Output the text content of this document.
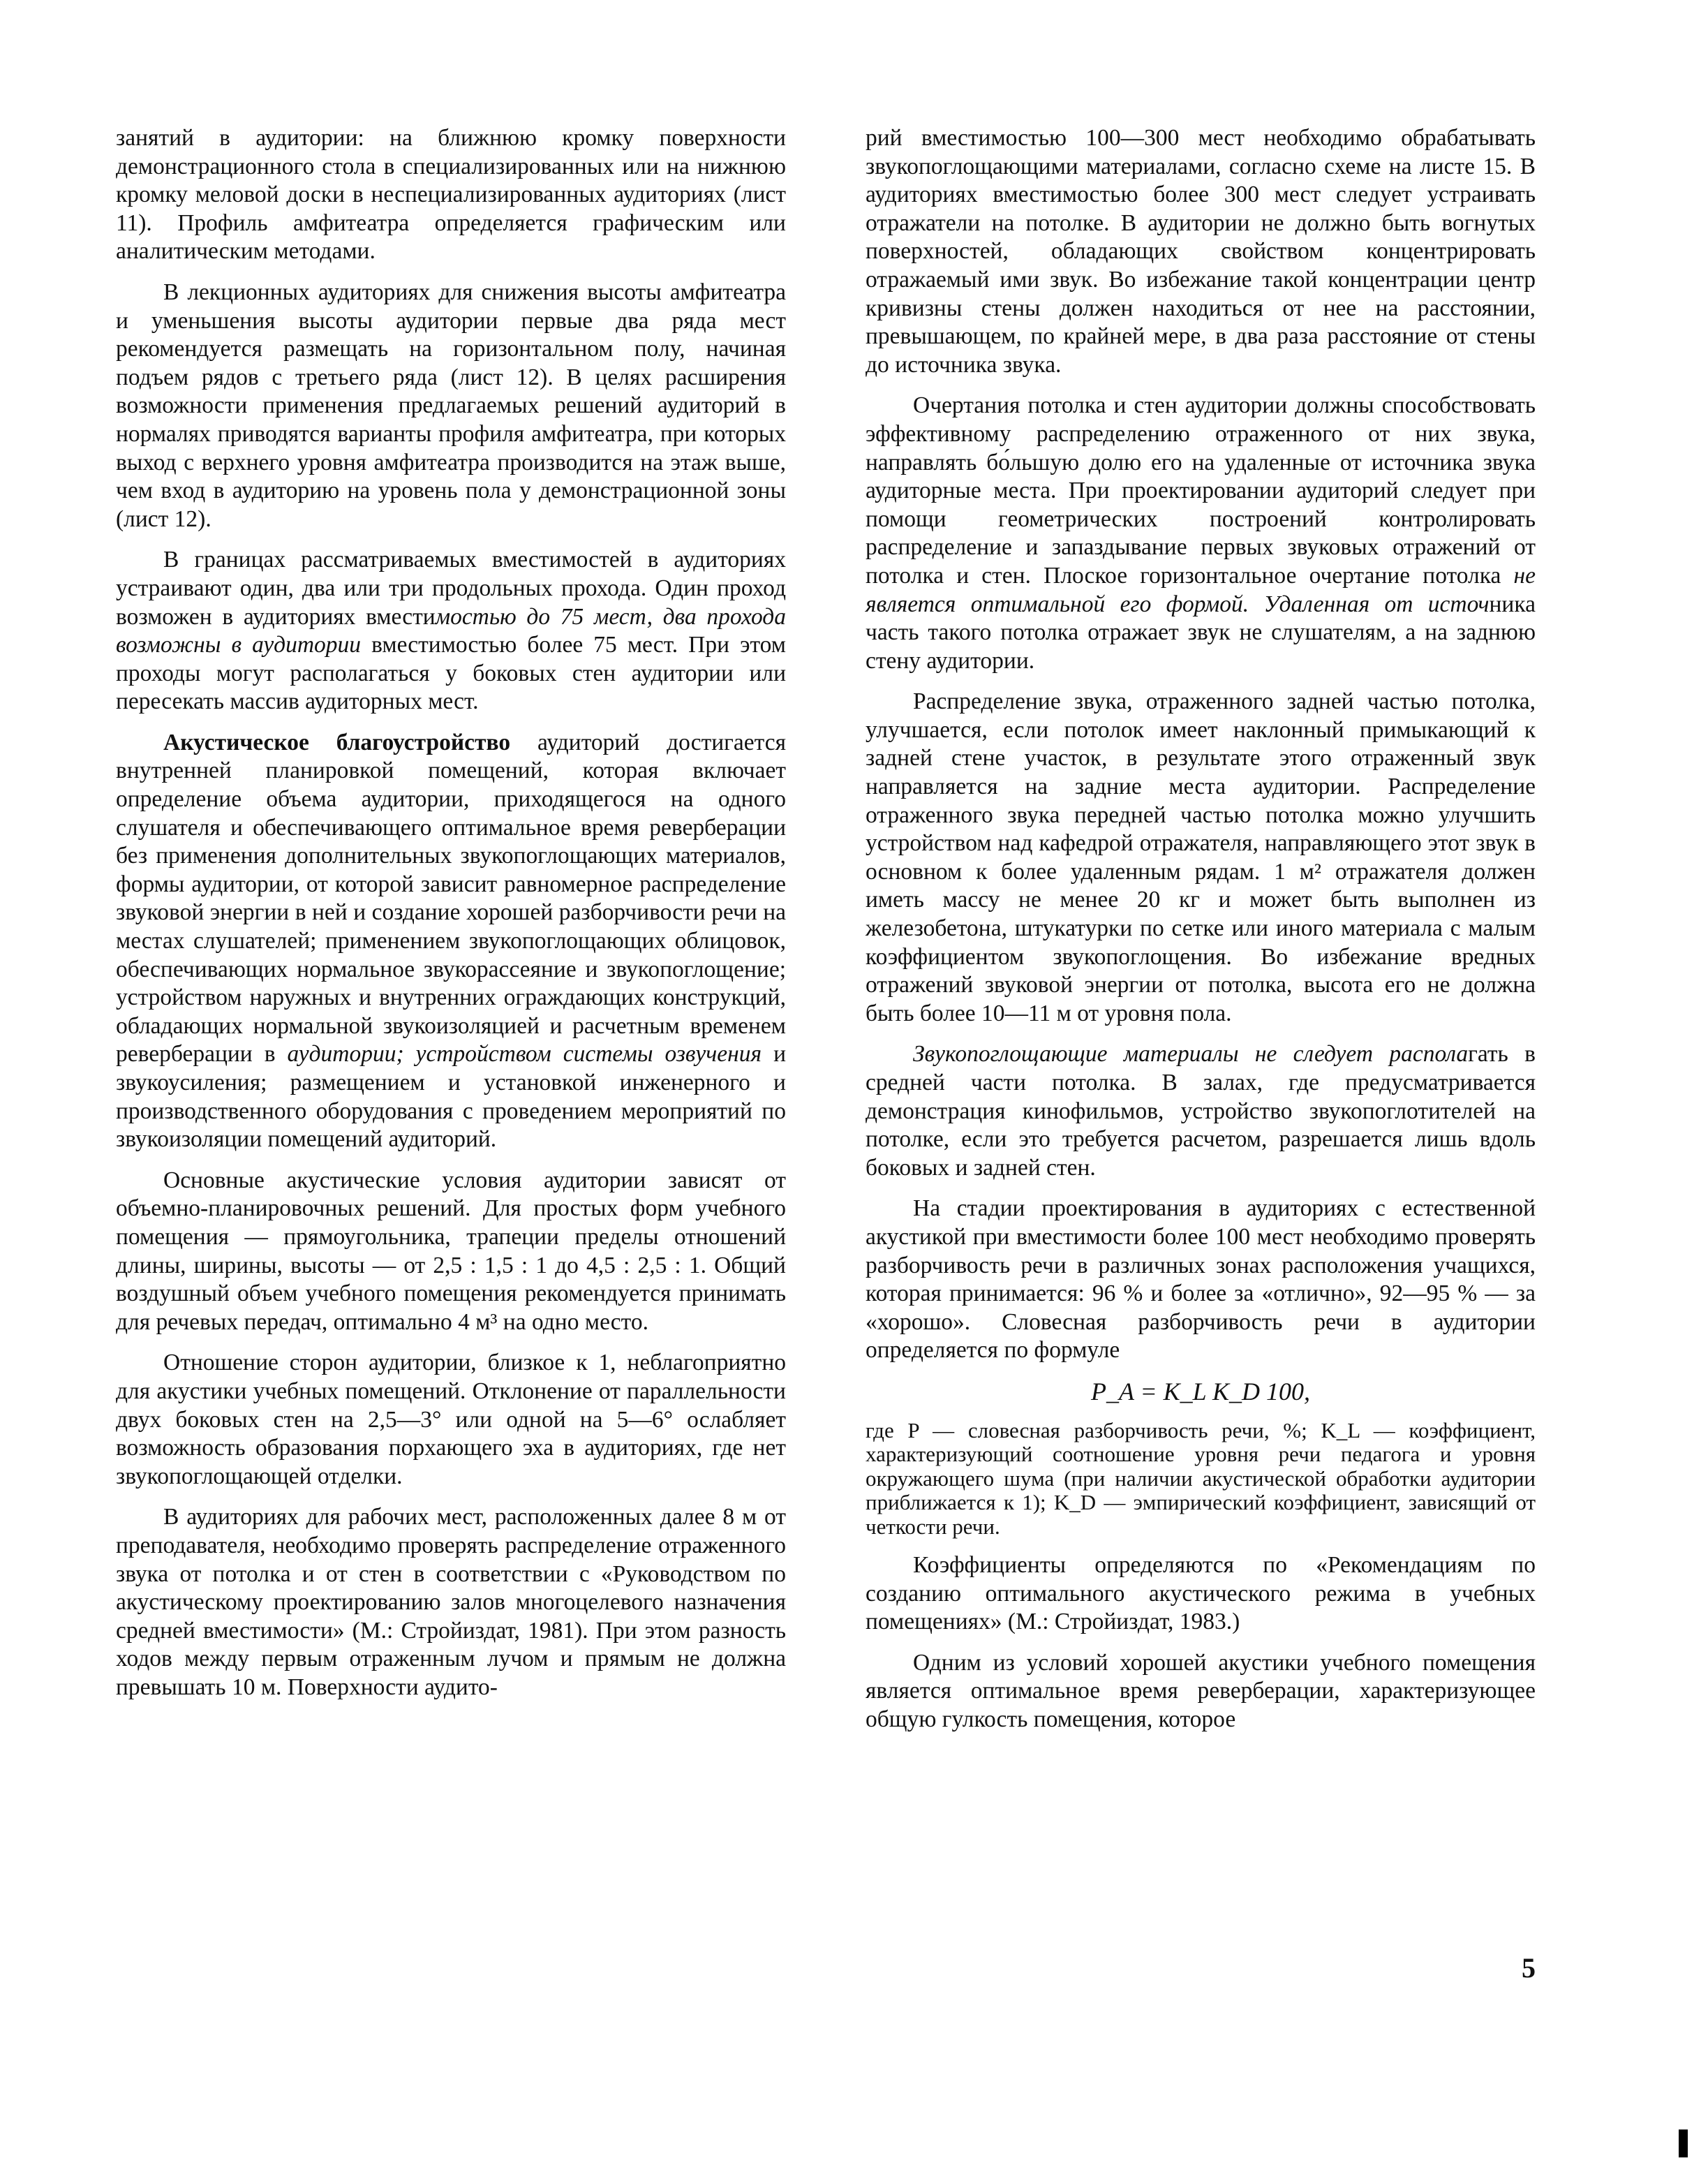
занятий в аудитории: на ближнюю кромку поверхности демонстрационного стола в специализированных или на нижнюю кромку меловой доски в неспециализированных аудиториях (лист 11). Профиль амфитеатра определяется графическим или аналитическим методами.

В лекционных аудиториях для снижения высоты амфитеатра и уменьшения высоты аудитории первые два ряда мест рекомендуется размещать на горизонтальном полу, начиная подъем рядов с третьего ряда (лист 12). В целях расширения возможности применения предлагаемых решений аудиторий в нормалях приводятся варианты профиля амфитеатра, при которых выход с верхнего уровня амфитеатра производится на этаж выше, чем вход в аудиторию на уровень пола у демонстрационной зоны (лист 12).

В границах рассматриваемых вместимостей в аудиториях устраивают один, два или три продольных прохода. Один проход возможен в аудиториях вместимостью до 75 мест, два прохода возможны в аудитории вместимостью более 75 мест. При этом проходы могут располагаться у боковых стен аудитории или пересекать массив аудиторных мест.

Акустическое благоустройство аудиторий достигается внутренней планировкой помещений, которая включает определение объема аудитории, приходящегося на одного слушателя и обеспечивающего оптимальное время реверберации без применения дополнительных звукопоглощающих материалов, формы аудитории, от которой зависит равномерное распределение звуковой энергии в ней и создание хорошей разборчивости речи на местах слушателей; применением звукопоглощающих облицовок, обеспечивающих нормальное звукорассеяние и звукопоглощение; устройством наружных и внутренних ограждающих конструкций, обладающих нормальной звукоизоляцией и расчетным временем реверберации в аудитории; устройством системы озвучения и звукоусиления; размещением и установкой инженерного и производственного оборудования с проведением мероприятий по звукоизоляции помещений аудиторий.

Основные акустические условия аудитории зависят от объемно-планировочных решений. Для простых форм учебного помещения — прямоугольника, трапеции пределы отношений длины, ширины, высоты — от 2,5 : 1,5 : 1 до 4,5 : 2,5 : 1. Общий воздушный объем учебного помещения рекомендуется принимать для речевых передач, оптимально 4 м³ на одно место.

Отношение сторон аудитории, близкое к 1, неблагоприятно для акустики учебных помещений. Отклонение от параллельности двух боковых стен на 2,5—3° или одной на 5—6° ослабляет возможность образования порхающего эха в аудиториях, где нет звукопоглощающей отделки.

В аудиториях для рабочих мест, расположенных далее 8 м от преподавателя, необходимо проверять распределение отраженного звука от потолка и от стен в соответствии с «Руководством по акустическому проектированию залов многоцелевого назначения средней вместимости» (М.: Стройиздат, 1981). При этом разность ходов между первым отраженным лучом и прямым не должна превышать 10 м. Поверхности аудито-

рий вместимостью 100—300 мест необходимо обрабатывать звукопоглощающими материалами, согласно схеме на листе 15. В аудиториях вместимостью более 300 мест следует устраивать отражатели на потолке. В аудитории не должно быть вогнутых поверхностей, обладающих свойством концентрировать отражаемый ими звук. Во избежание такой концентрации центр кривизны стены должен находиться от нее на расстоянии, превышающем, по крайней мере, в два раза расстояние от стены до источника звука.

Очертания потолка и стен аудитории должны способствовать эффективному распределению отраженного от них звука, направлять бо́льшую долю его на удаленные от источника звука аудиторные места. При проектировании аудиторий следует при помощи геометрических построений контролировать распределение и запаздывание первых звуковых отражений от потолка и стен. Плоское горизонтальное очертание потолка не является оптимальной его формой. Удаленная от источника часть такого потолка отражает звук не слушателям, а на заднюю стену аудитории.

Распределение звука, отраженного задней частью потолка, улучшается, если потолок имеет наклонный примыкающий к задней стене участок, в результате этого отраженный звук направляется на задние места аудитории. Распределение отраженного звука передней частью потолка можно улучшить устройством над кафедрой отражателя, направляющего этот звук в основном к более удаленным рядам. 1 м² отражателя должен иметь массу не менее 20 кг и может быть выполнен из железобетона, штукатурки по сетке или иного материала с малым коэффициентом звукопоглощения. Во избежание вредных отражений звуковой энергии от потолка, высота его не должна быть более 10—11 м от уровня пола.

Звукопоглощающие материалы не следует располагать в средней части потолка. В залах, где предусматривается демонстрация кинофильмов, устройство звукопоглотителей на потолке, если это требуется расчетом, разрешается лишь вдоль боковых и задней стен.

На стадии проектирования в аудиториях с естественной акустикой при вместимости более 100 мест необходимо проверять разборчивость речи в различных зонах расположения учащихся, которая принимается: 96 % и более за «отлично», 92—95 % — за «хорошо». Словесная разборчивость речи в аудитории определяется по формуле

P_A = K_L K_D 100,

где P — словесная разборчивость речи, %; K_L — коэффициент, характеризующий соотношение уровня речи педагога и уровня окружающего шума (при наличии акустической обработки аудитории приближается к 1); K_D — эмпирический коэффициент, зависящий от четкости речи.

Коэффициенты определяются по «Рекомендациям по созданию оптимального акустического режима в учебных помещениях» (М.: Стройиздат, 1983.)

Одним из условий хорошей акустики учебного помещения является оптимальное время реверберации, характеризующее общую гулкость помещения, которое

5
